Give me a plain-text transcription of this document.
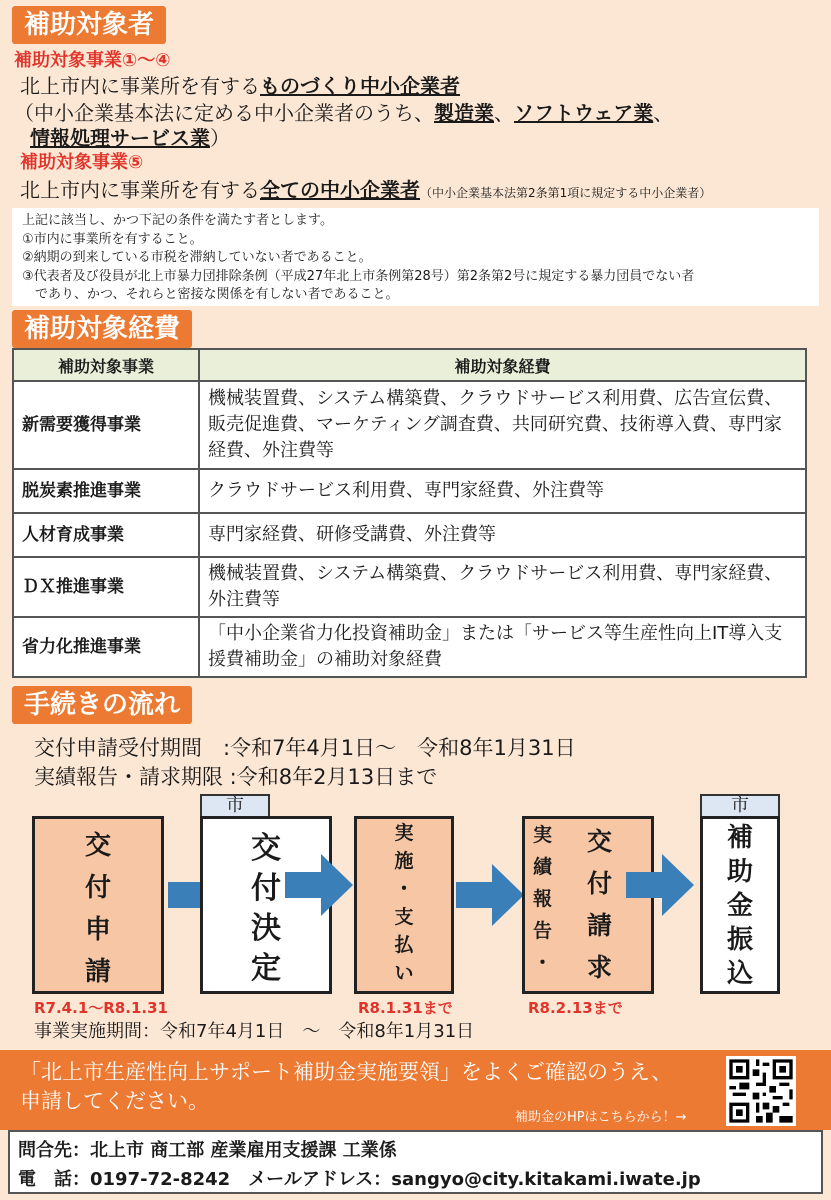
補助対象者
補助対象事業①～④
北上市内に事業所を有するものづくり中小企業者
（中小企業基本法に定める中小企業者のうち、製造業、ソフトウェア業、
情報処理サービス業）
補助対象事業⑤
北上市内に事業所を有する全ての中小企業者（中小企業基本法第2条第1項に規定する中小企業者）
上記に該当し、かつ下記の条件を満たす者とします。
①市内に事業所を有すること。
②納期の到来している市税を滞納していない者であること。
③代表者及び役員が北上市暴力団排除条例（平成27年北上市条例第28号）第2条第2号に規定する暴力団員でない者
　であり、かつ、それらと密接な関係を有しない者であること。
補助対象経費
補助対象事業	補助対象経費
新需要獲得事業	機械装置費、システム構築費、クラウドサービス利用費、広告宣伝費、販売促進費、マーケティング調査費、共同研究費、技術導入費、専門家経費、外注費等
脱炭素推進事業	クラウドサービス利用費、専門家経費、外注費等
人材育成事業	専門家経費、研修受講費、外注費等
ＤＸ推進事業	機械装置費、システム構築費、クラウドサービス利用費、専門家経費、外注費等
省力化推進事業	「中小企業省力化投資補助金」または「サービス等生産性向上IT導入支援費補助金」の補助対象経費
手続きの流れ
交付申請受付期間　:令和7年4月1日～　令和8年1月31日
実績報告・請求期限 :令和8年2月13日まで
交
付
申
請
市
交
付
決
定
実
施
・
支
払
い
実
績
報
告
・
交
付
請
求
市
補
助
金
振
込
R7.4.1～R8.1.31	R8.1.31まで	R8.2.13まで
事業実施期間：令和7年4月1日　～　令和8年1月31日
「北上市生産性向上サポート補助金実施要領」をよくご確認のうえ、
申請してください。
補助金のHPはこちらから！→
問合先：北上市 商工部 産業雇用支援課 工業係
電　話：0197-72-8242　メールアドレス：sangyo@city.kitakami.iwate.jp
